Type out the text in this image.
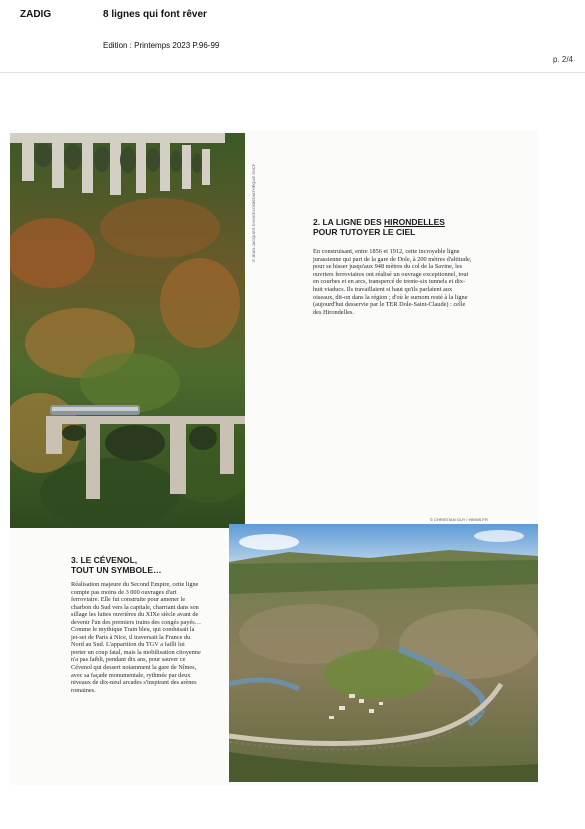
ZADIG	8 lignes qui font rêver
Edition : Printemps 2023 P.96-99
p. 2/4
© JEAN-JACQUES D'ANGELO/MEDIATHÈQUE SNCF	2. LA LIGNE DES HIRONDELLES
POUR TUTOYER LE CIEL
En construisant, entre 1856 et 1912, cette incroyable ligne jurassienne qui part de la gare de Dole, à 200 mètres d'altitude, pour se hisser jusqu'aux 948 mètres du col de la Savine, les ouvriers ferroviaires ont réalisé un ouvrage exceptionnel, tout en courbes et en arcs, transpercé de trente-six tunnels et dix-huit viaducs. Ils travaillaient si haut qu'ils parlaient aux oiseaux, dit-on dans la région ; d'où le surnom resté à la ligne (aujourd'hui desservie par le TER Dole-Saint-Claude) : celle des Hirondelles.
© CHRISTIAN GUY / HEMIS.FR
3. LE CÉVENOL,
TOUT UN SYMBOLE…
Réalisation majeure du Second Empire, cette ligne compte pas moins de 3 000 ouvrages d'art ferroviaire. Elle fut construite pour amener le charbon du Sud vers la capitale, charriant dans son sillage les luttes ouvrières du XIXe siècle avant de devenir l'un des premiers trains des congés payés… Comme le mythique Train bleu, qui conduisait la jet-set de Paris à Nice, il traversait la France du Nord au Sud. L'apparition du TGV a failli lui porter un coup fatal, mais la mobilisation citoyenne n'a pas faibli, pendant dix ans, pour sauver ce Cévenol qui dessert notamment la gare de Nîmes, avec sa façade monumentale, rythmée par deux niveaux de dix-neuf arcades s'inspirant des arènes romaines.
